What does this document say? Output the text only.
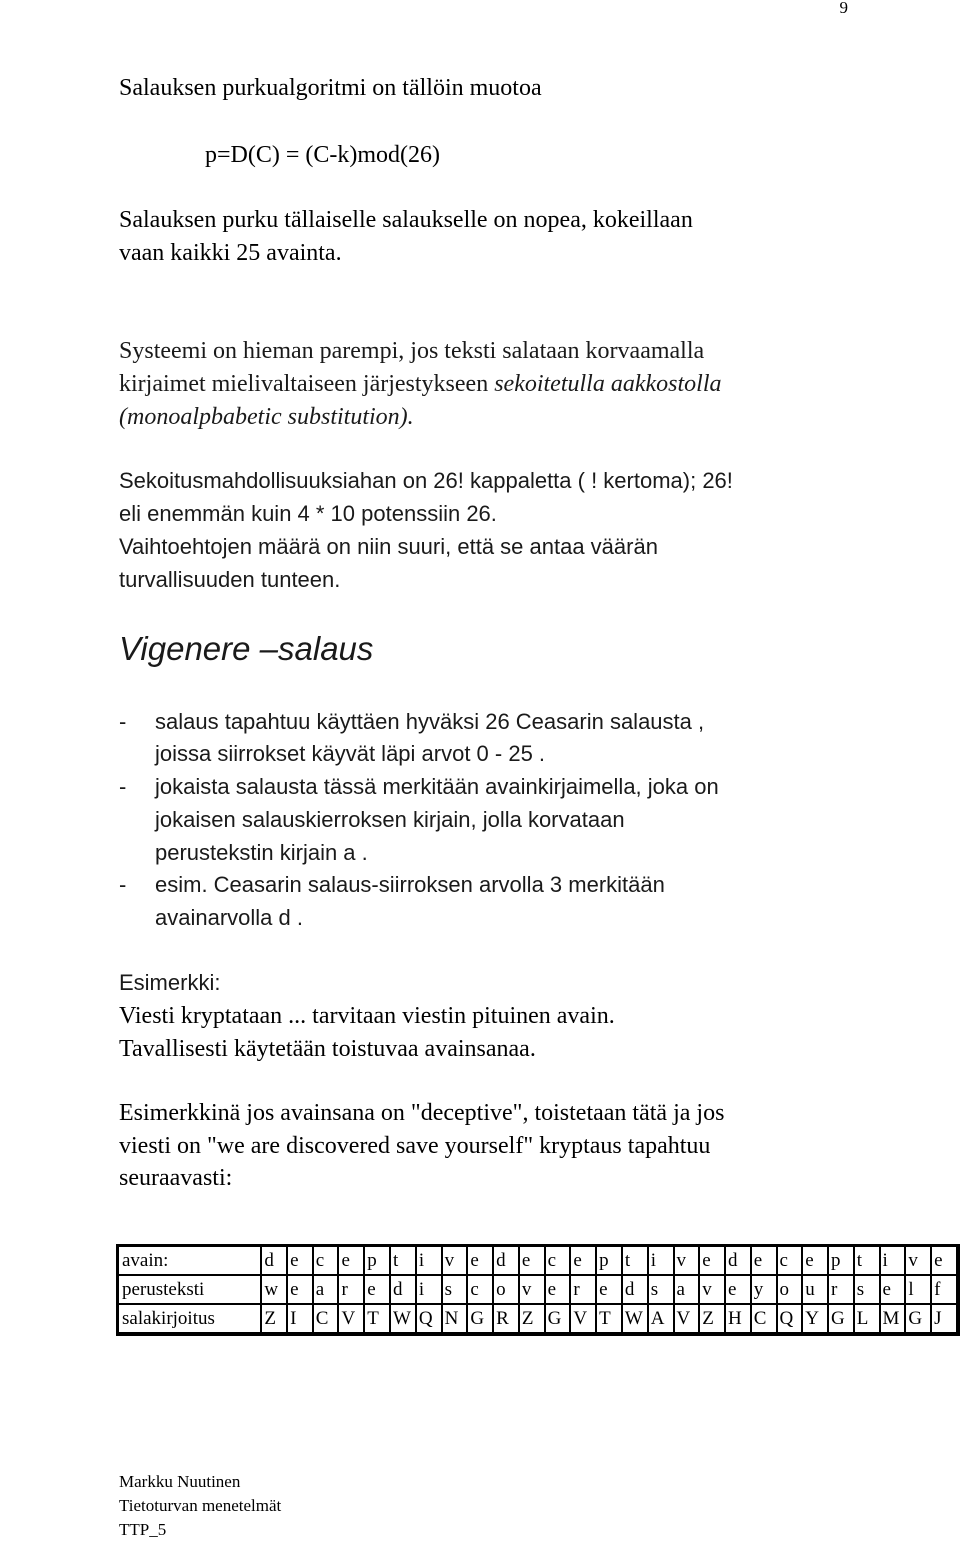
9
Salauksen purkualgoritmi on tällöin muotoa
p=D(C) = (C-k)mod(26)
Salauksen purku tällaiselle salaukselle on nopea, kokeillaan
vaan kaikki 25 avainta.
Systeemi on hieman parempi, jos teksti salataan korvaamalla
kirjaimet mielivaltaiseen järjestykseen sekoitetulla aakkostolla
(monoalpbabetic substitution).
Sekoitusmahdollisuuksiahan on 26! kappaletta ( ! kertoma); 26!
eli enemmän kuin 4 * 10 potenssiin 26.
Vaihtoehtojen määrä on niin suuri, että se antaa väärän
turvallisuuden tunteen.
Vigenere –salaus
- salaus tapahtuu käyttäen hyväksi 26 Ceasarin salausta ,
joissa siirrokset käyvät läpi arvot 0 - 25 .
- jokaista salausta tässä merkitään avainkirjaimella, joka on
jokaisen salauskierroksen kirjain, jolla korvataan
perustekstin kirjain a .
- esim. Ceasarin salaus-siirroksen arvolla 3 merkitään
avainarvolla d .
Esimerkki:
Viesti kryptataan ... tarvitaan viestin pituinen avain.
Tavallisesti käytetään toistuvaa avainsanaa.
Esimerkkinä jos avainsana on "deceptive", toistetaan tätä ja jos
viesti on "we are discovered save yourself" kryptaus tapahtuu
seuraavasti:
avain:	d	e	c	e	p	t	i	v	e	d	e	c	e	p	t	i	v	e	d	e	c	e	p	t	i	v	e
perusteksti	w	e	a	r	e	d	i	s	c	o	v	e	r	e	d	s	a	v	e	y	o	u	r	s	e	l	f
salakirjoitus	Z	I	C	V	T	W	Q	N	G	R	Z	G	V	T	W	A	V	Z	H	C	Q	Y	G	L	M	G	J
Markku Nuutinen
Tietoturvan menetelmät
TTP_5
